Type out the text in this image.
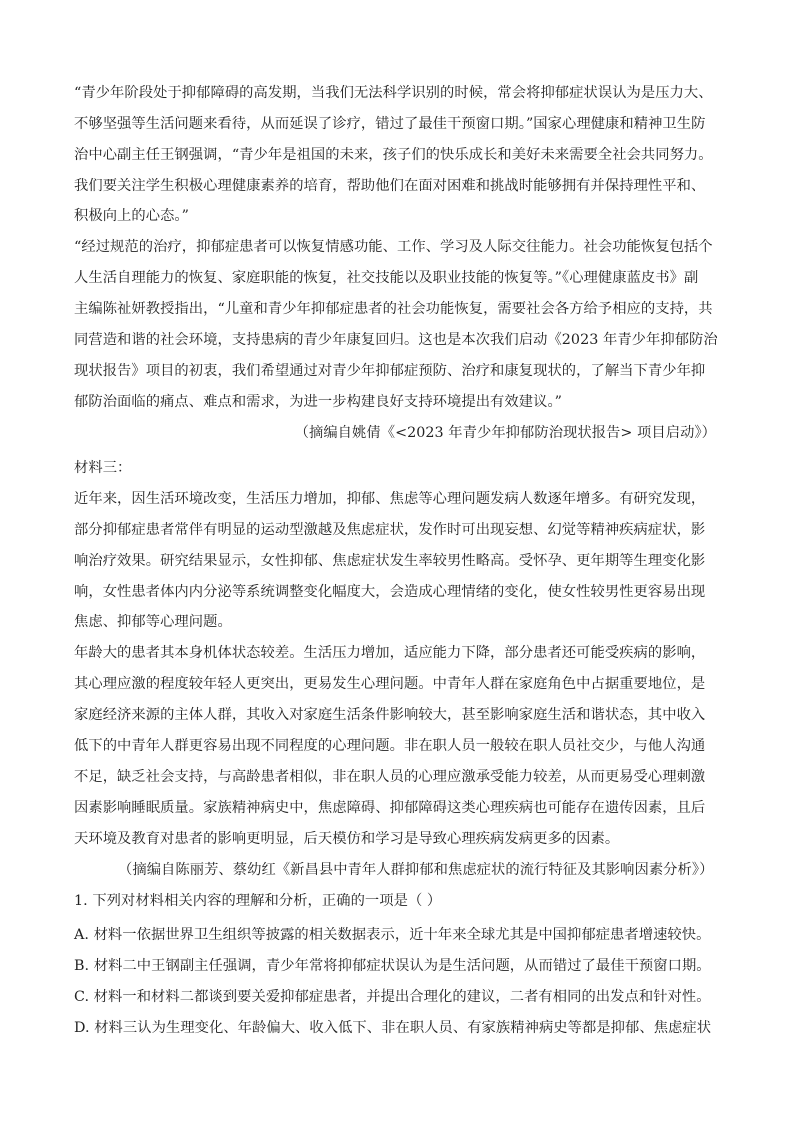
“青少年阶段处于抑郁障碍的高发期，当我们无法科学识别的时候，常会将抑郁症状误认为是压力大、
不够坚强等生活问题来看待，从而延误了诊疗，错过了最佳干预窗口期。”国家心理健康和精神卫生防
治中心副主任王钢强调，“青少年是祖国的未来，孩子们的快乐成长和美好未来需要全社会共同努力。
我们要关注学生积极心理健康素养的培育，帮助他们在面对困难和挑战时能够拥有并保持理性平和、
积极向上的心态。”
“经过规范的治疗，抑郁症患者可以恢复情感功能、工作、学习及人际交往能力。社会功能恢复包括个
人生活自理能力的恢复、家庭职能的恢复，社交技能以及职业技能的恢复等。”《心理健康蓝皮书》副
主编陈祉妍教授指出，“儿童和青少年抑郁症患者的社会功能恢复，需要社会各方给予相应的支持，共
同营造和谐的社会环境，支持患病的青少年康复回归。这也是本次我们启动《2023 年青少年抑郁防治
现状报告》项目的初衷，我们希望通过对青少年抑郁症预防、治疗和康复现状的，了解当下青少年抑
郁防治面临的痛点、难点和需求，为进一步构建良好支持环境提出有效建议。”
（摘编自姚倩《<2023 年青少年抑郁防治现状报告> 项目启动》）
材料三：
近年来，因生活环境改变，生活压力增加，抑郁、焦虑等心理问题发病人数逐年增多。有研究发现，
部分抑郁症患者常伴有明显的运动型激越及焦虑症状，发作时可出现妄想、幻觉等精神疾病症状，影
响治疗效果。研究结果显示，女性抑郁、焦虑症状发生率较男性略高。受怀孕、更年期等生理变化影
响，女性患者体内内分泌等系统调整变化幅度大，会造成心理情绪的变化，使女性较男性更容易出现
焦虑、抑郁等心理问题。
年龄大的患者其本身机体状态较差。生活压力增加，适应能力下降，部分患者还可能受疾病的影响，
其心理应激的程度较年轻人更突出，更易发生心理问题。中青年人群在家庭角色中占据重要地位，是
家庭经济来源的主体人群，其收入对家庭生活条件影响较大，甚至影响家庭生活和谐状态，其中收入
低下的中青年人群更容易出现不同程度的心理问题。非在职人员一般较在职人员社交少，与他人沟通
不足，缺乏社会支持，与高龄患者相似，非在职人员的心理应激承受能力较差，从而更易受心理刺激
因素影响睡眠质量。家族精神病史中，焦虑障碍、抑郁障碍这类心理疾病也可能存在遗传因素，且后
天环境及教育对患者的影响更明显，后天模仿和学习是导致心理疾病发病更多的因素。
（摘编自陈丽芳、蔡幼红《新昌县中青年人群抑郁和焦虑症状的流行特征及其影响因素分析》）
1. 下列对材料相关内容的理解和分析，正确的一项是（ ）
A. 材料一依据世界卫生组织等披露的相关数据表示，近十年来全球尤其是中国抑郁症患者增速较快。
B. 材料二中王钢副主任强调，青少年常将抑郁症状误认为是生活问题，从而错过了最佳干预窗口期。
C. 材料一和材料二都谈到要关爱抑郁症患者，并提出合理化的建议，二者有相同的出发点和针对性。
D. 材料三认为生理变化、年龄偏大、收入低下、非在职人员、有家族精神病史等都是抑郁、焦虑症状
